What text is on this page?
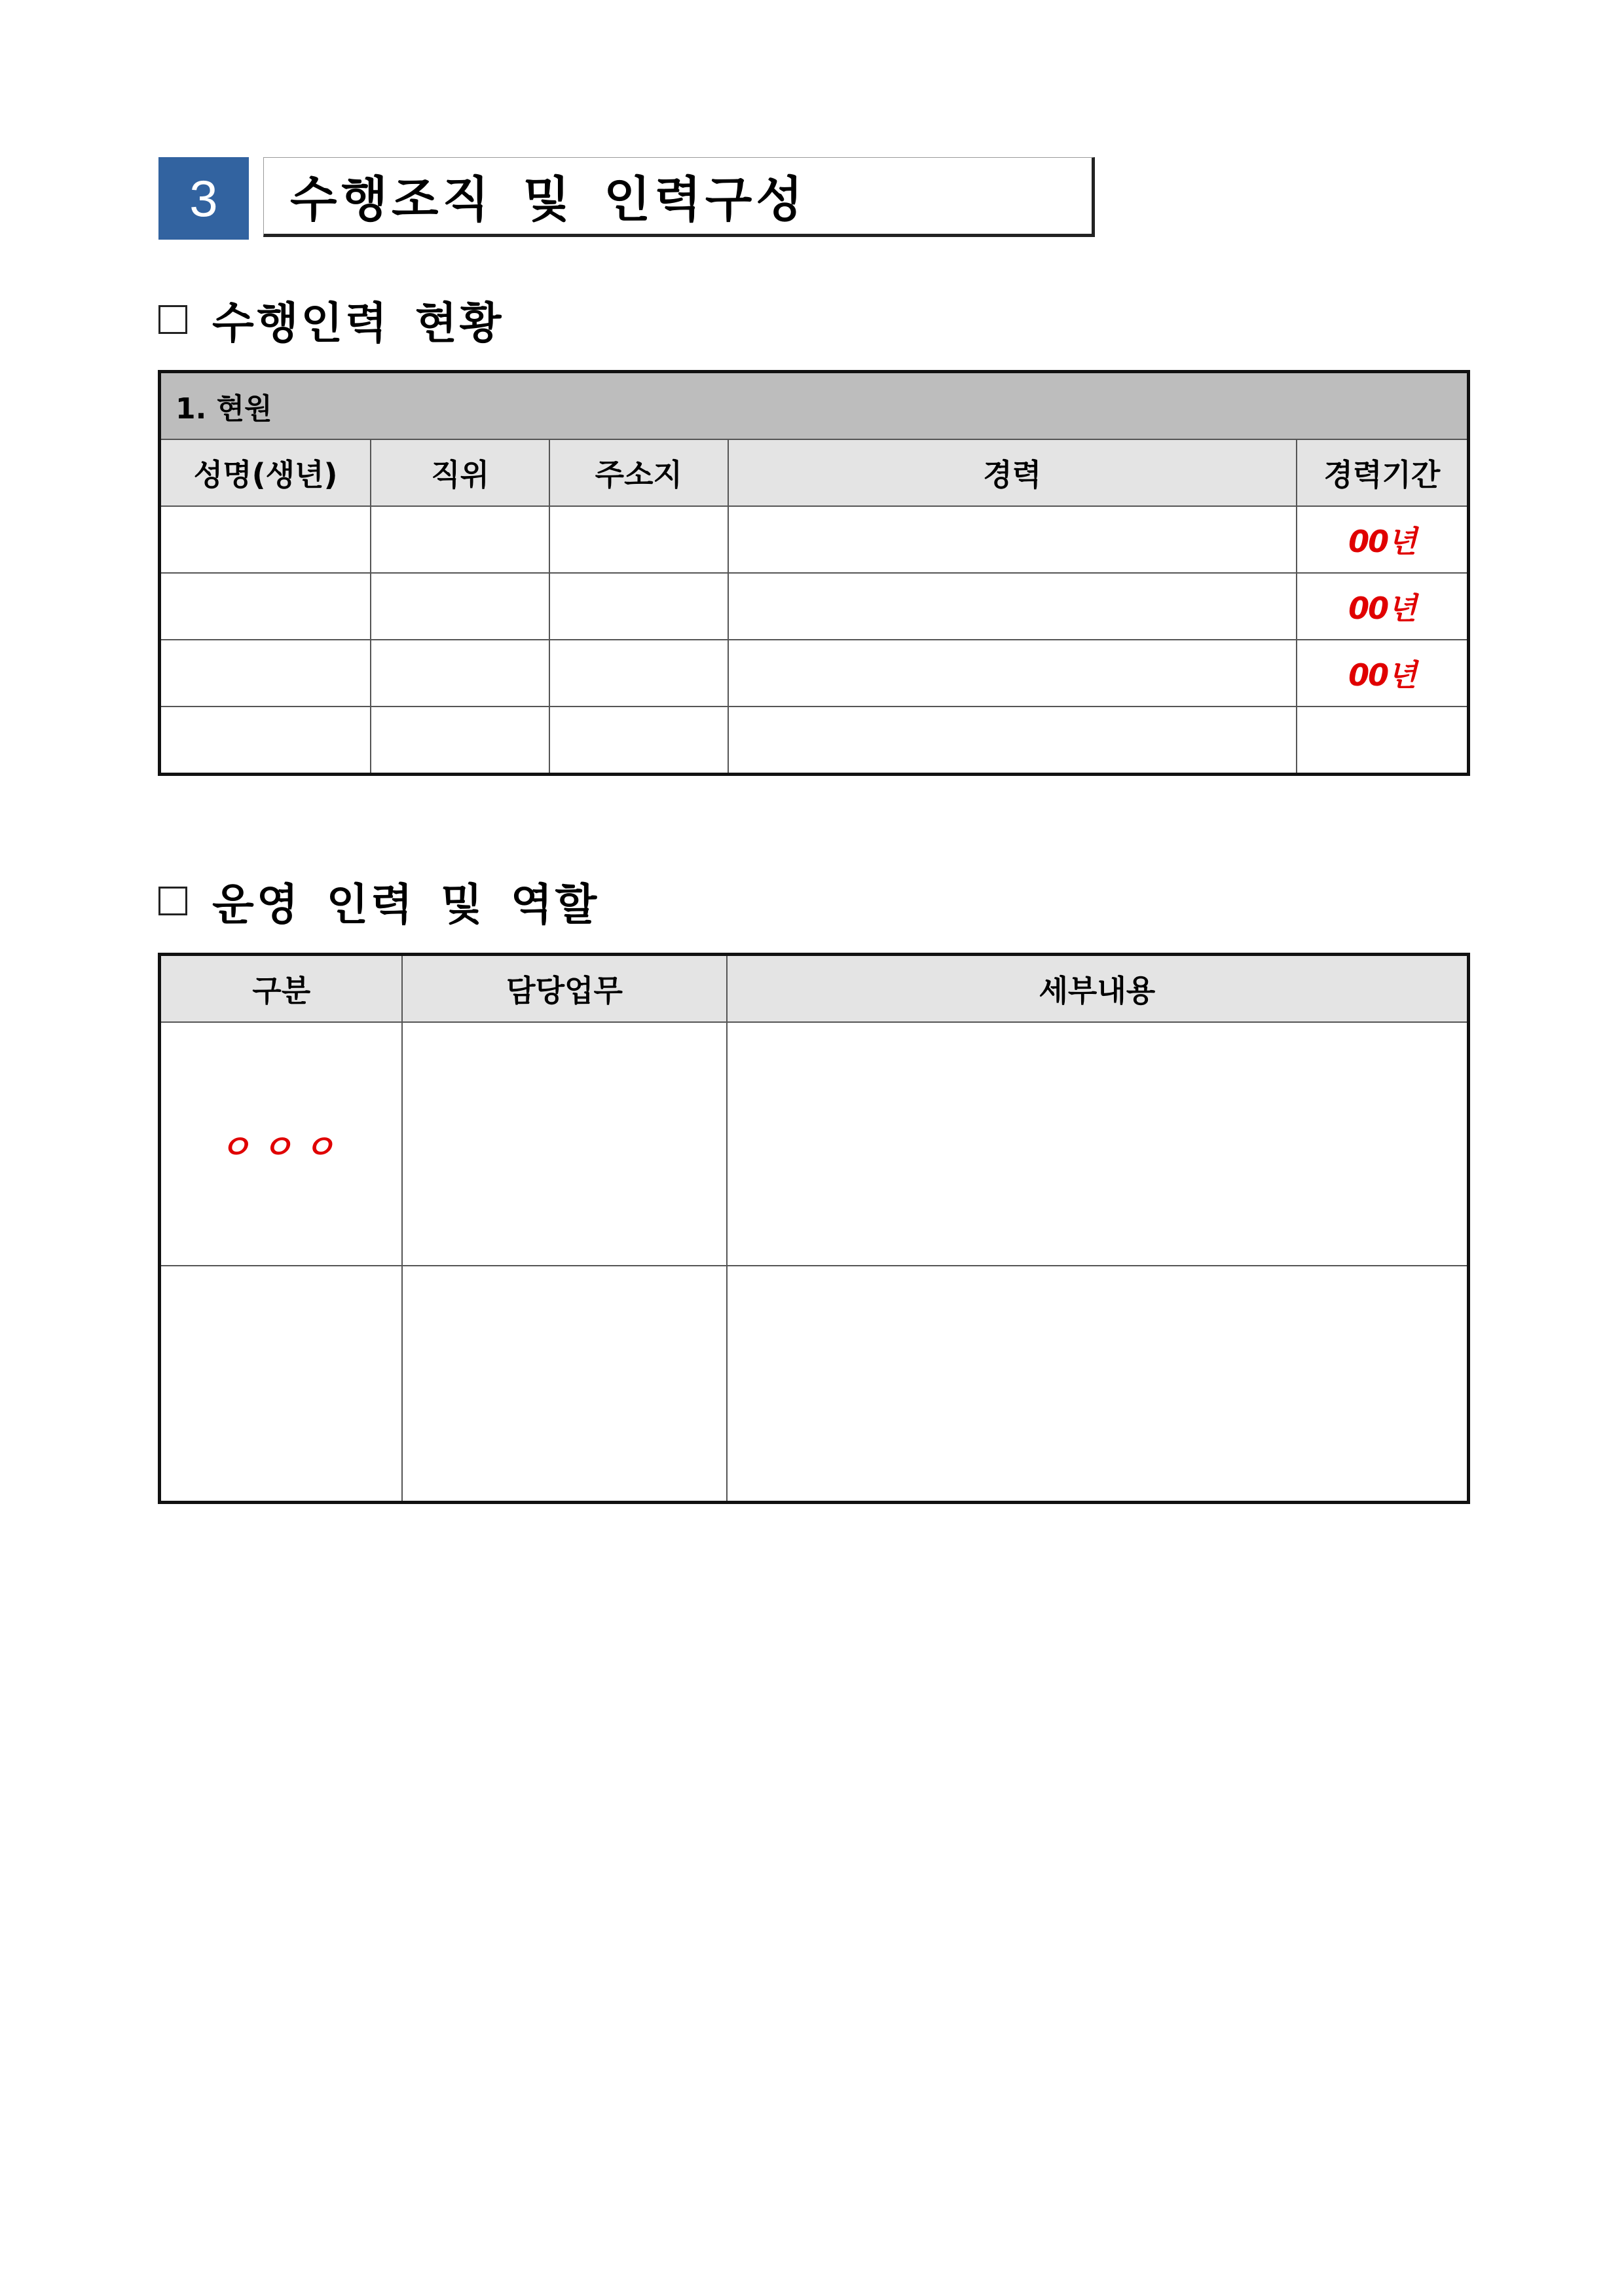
3	수행조직 및 인력구성
수행인력 현황
1. 현원				
성명(생년)	직위	주소지	경력	경력기간
				00년
				00년
				00년

운영 인력 및 역할
구분	담당업무	세부내용
ㅇㅇㅇ		
